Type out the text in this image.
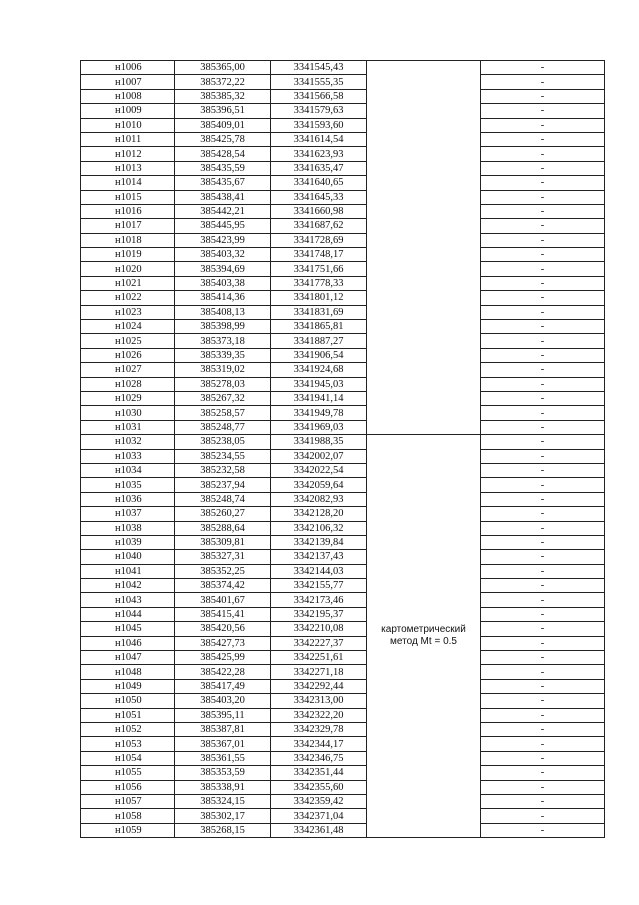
н1006	385365,00	3341545,43		-
н1007	385372,22	3341555,35		-
н1008	385385,32	3341566,58		-
н1009	385396,51	3341579,63		-
н1010	385409,01	3341593,60		-
н1011	385425,78	3341614,54		-
н1012	385428,54	3341623,93		-
н1013	385435,59	3341635,47		-
н1014	385435,67	3341640,65		-
н1015	385438,41	3341645,33		-
н1016	385442,21	3341660,98		-
н1017	385445,95	3341687,62		-
н1018	385423,99	3341728,69		-
н1019	385403,32	3341748,17		-
н1020	385394,69	3341751,66		-
н1021	385403,38	3341778,33		-
н1022	385414,36	3341801,12		-
н1023	385408,13	3341831,69		-
н1024	385398,99	3341865,81		-
н1025	385373,18	3341887,27		-
н1026	385339,35	3341906,54		-
н1027	385319,02	3341924,68		-
н1028	385278,03	3341945,03		-
н1029	385267,32	3341941,14		-
н1030	385258,57	3341949,78		-
н1031	385248,77	3341969,03		-
н1032	385238,05	3341988,35	картометрический
метод Mt = 0.5	-
н1033	385234,55	3342002,07		-
н1034	385232,58	3342022,54		-
н1035	385237,94	3342059,64		-
н1036	385248,74	3342082,93		-
н1037	385260,27	3342128,20		-
н1038	385288,64	3342106,32		-
н1039	385309,81	3342139,84		-
н1040	385327,31	3342137,43		-
н1041	385352,25	3342144,03		-
н1042	385374,42	3342155,77		-
н1043	385401,67	3342173,46		-
н1044	385415,41	3342195,37		-
н1045	385420,56	3342210,08		-
н1046	385427,73	3342227,37		-
н1047	385425,99	3342251,61		-
н1048	385422,28	3342271,18		-
н1049	385417,49	3342292,44		-
н1050	385403,20	3342313,00		-
н1051	385395,11	3342322,20		-
н1052	385387,81	3342329,78		-
н1053	385367,01	3342344,17		-
н1054	385361,55	3342346,75		-
н1055	385353,59	3342351,44		-
н1056	385338,91	3342355,60		-
н1057	385324,15	3342359,42		-
н1058	385302,17	3342371,04		-
н1059	385268,15	3342361,48		-
